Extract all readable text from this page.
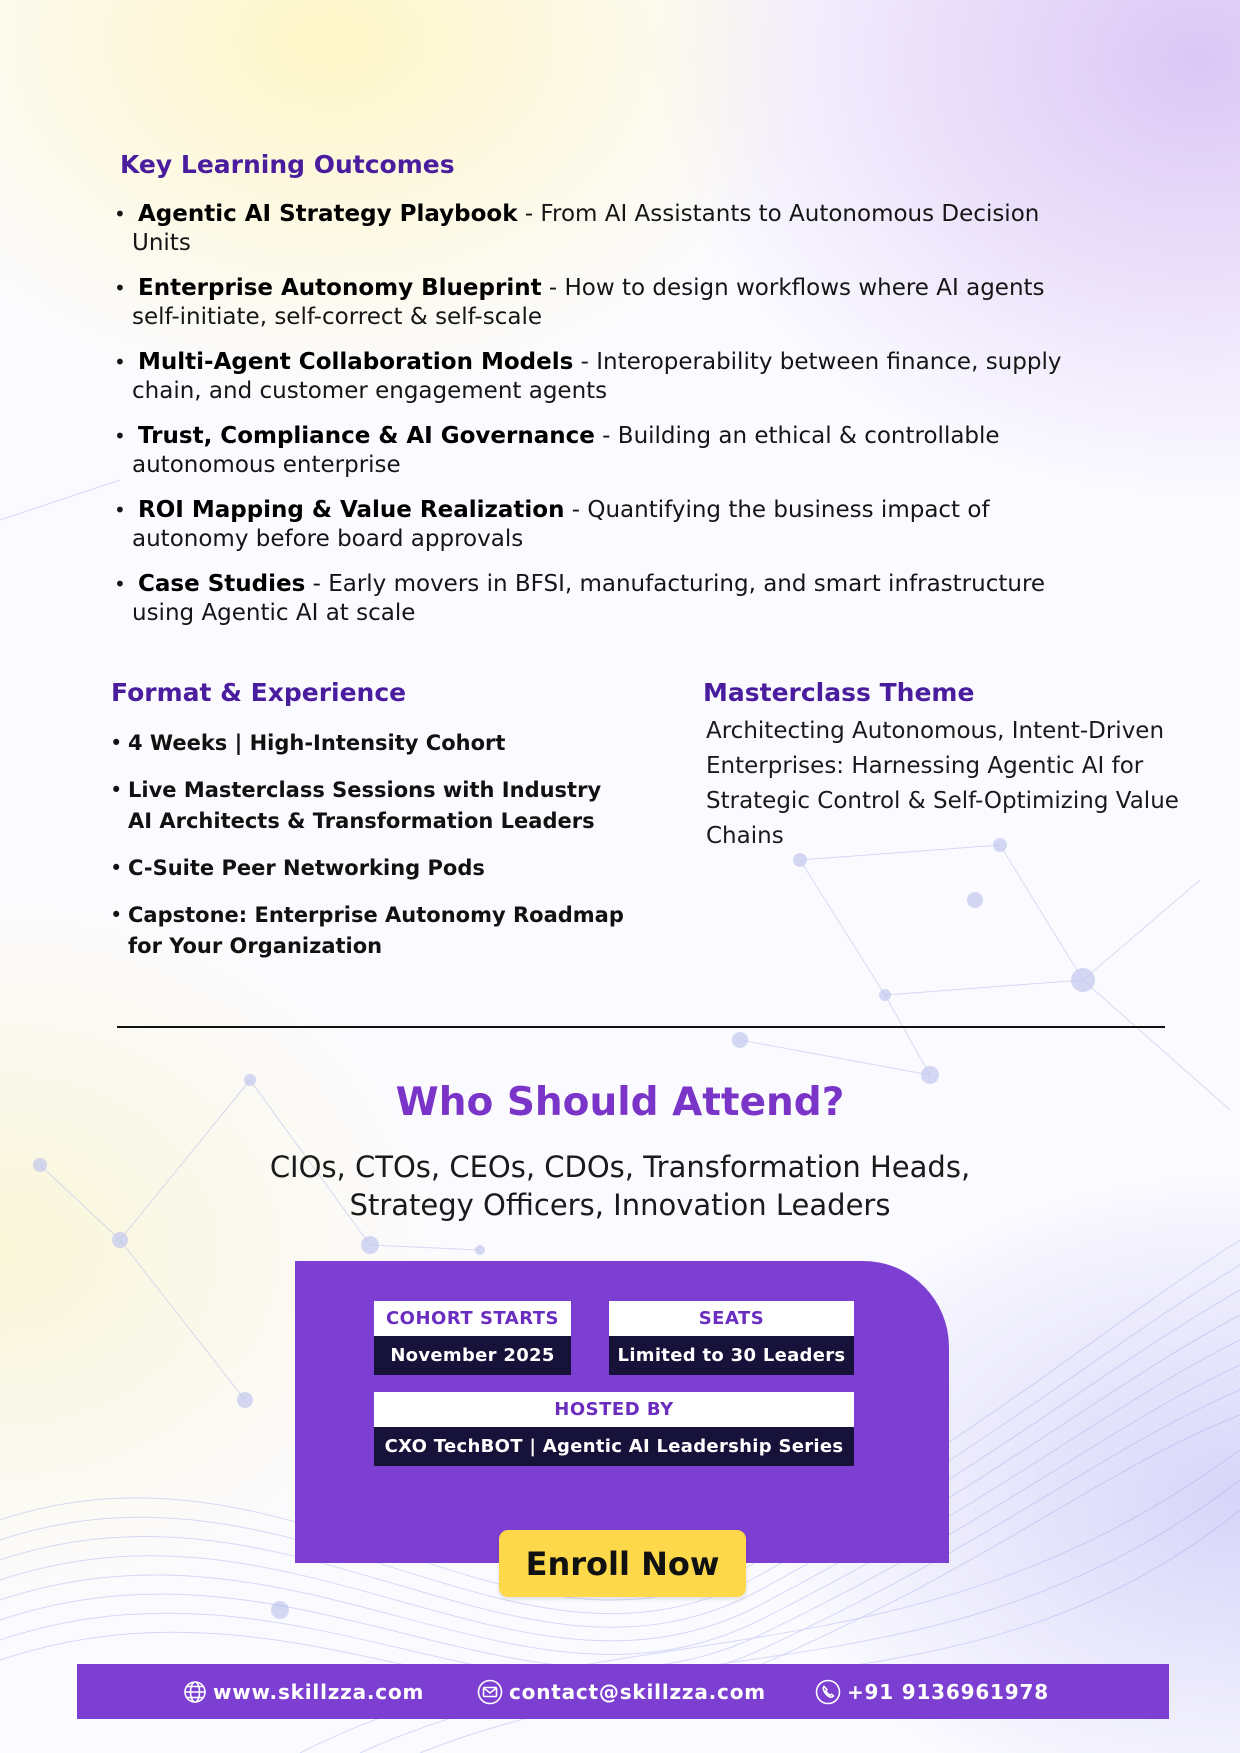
Key Learning Outcomes
• Agentic AI Strategy Playbook - From AI Assistants to Autonomous Decision Units
• Enterprise Autonomy Blueprint - How to design workflows where AI agents self-initiate, self-correct & self-scale
• Multi-Agent Collaboration Models - Interoperability between finance, supply chain, and customer engagement agents
• Trust, Compliance & AI Governance - Building an ethical & controllable autonomous enterprise
• ROI Mapping & Value Realization - Quantifying the business impact of autonomy before board approvals
• Case Studies - Early movers in BFSI, manufacturing, and smart infrastructure using Agentic AI at scale
Format & Experience
• 4 Weeks | High-Intensity Cohort
• Live Masterclass Sessions with Industry AI Architects & Transformation Leaders
• C-Suite Peer Networking Pods
• Capstone: Enterprise Autonomy Roadmap for Your Organization
Masterclass Theme
Architecting Autonomous, Intent-Driven Enterprises: Harnessing Agentic AI for Strategic Control & Self-Optimizing Value Chains
Who Should Attend?
CIOs, CTOs, CEOs, CDOs, Transformation Heads,
Strategy Officers, Innovation Leaders
COHORT STARTS
November 2025
SEATS
Limited to 30 Leaders
HOSTED BY
CXO TechBOT | Agentic AI Leadership Series
Enroll Now
www.skillzza.com	contact@skillzza.com	+91 9136961978
